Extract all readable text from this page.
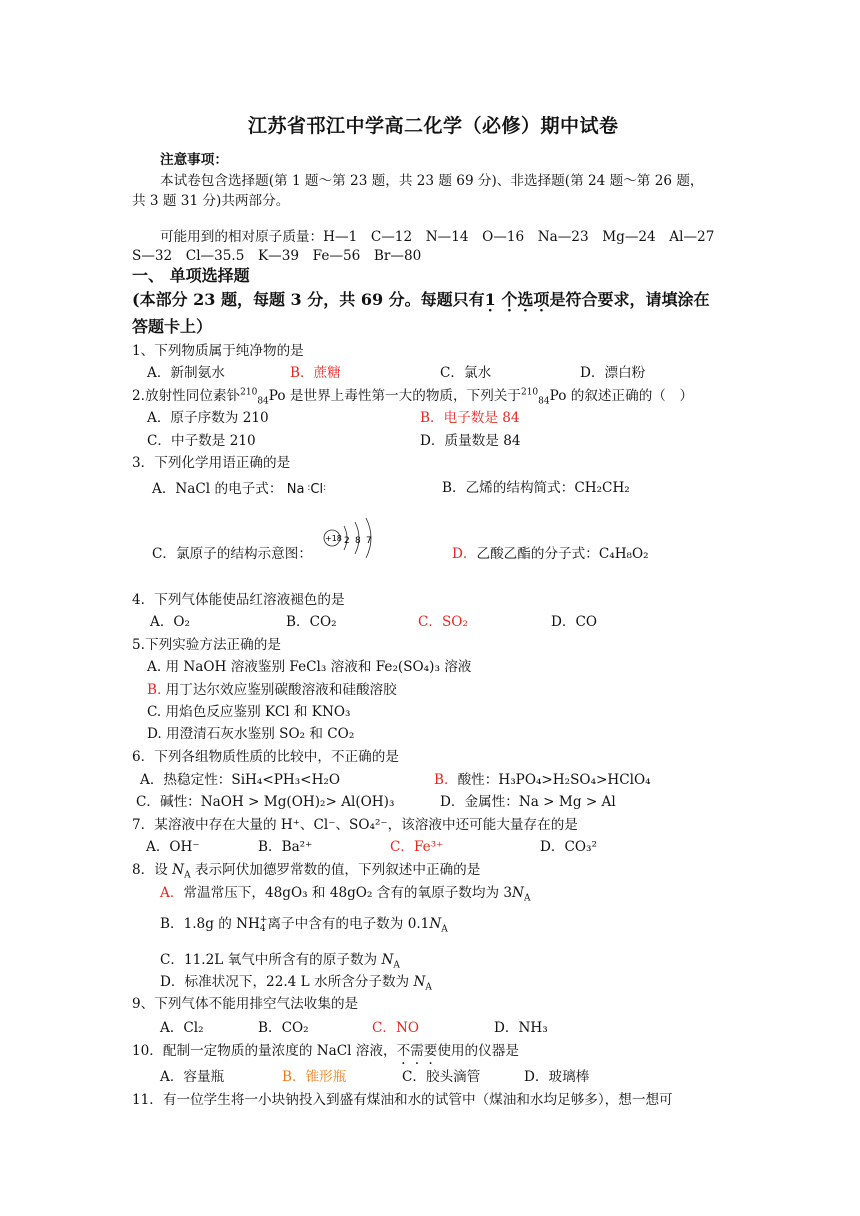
江苏省邗江中学高二化学（必修）期中试卷
注意事项：
本试卷包含选择题(第 1 题～第 23 题，共 23 题 69 分)、非选择题(第 24 题～第 26 题，
共 3 题 31 分)共两部分。
可能用到的相对原子质量：H—1　C—12　N—14　O—16　Na—23　Mg—24　Al—27
S—32　Cl—35.5　K—39　Fe—56　Br—80
一、 单项选择题
(本部分 23 题，每题 3 分，共 69 分。每题只有1 · 个选项是符合要求，请填涂在
答题卡上）
1、下列物质属于纯净物的是
A．新制氨水	B．蔗糖	C．氯水	D．漂白粉
2.放射性同位素钋$^{210}_{84}$Po 是世界上毒性第一大的物质，下列关于$^{210}_{84}$Po 的叙述正确的（　）
A．原子序数为 210	B．电子数是 84
C．中子数是 210	D．质量数是 84
3．下列化学用语正确的是
A．NaCl 的电子式： Na :Cl:	B．乙烯的结构简式：CH₂CH₂
C．氯原子的结构示意图：
+18 2 8 7
D．乙酸乙酯的分子式：C₄H₈O₂
4．下列气体能使品红溶液褪色的是
A．O₂	B．CO₂	C．SO₂	D．CO
5.下列实验方法正确的是
A. 用 NaOH 溶液鉴别 FeCl₃ 溶液和 Fe₂(SO₄)₃ 溶液
B. 用丁达尔效应鉴别碳酸溶液和硅酸溶胶
C. 用焰色反应鉴别 KCl 和 KNO₃
D. 用澄清石灰水鉴别 SO₂ 和 CO₂
6．下列各组物质性质的比较中，不正确的是
A．热稳定性：SiH₄<PH₃<H₂O	B．酸性：H₃PO₄>H₂SO₄>HClO₄
C．碱性：NaOH > Mg(OH)₂> Al(OH)₃	D．金属性：Na > Mg > Al
7．某溶液中存在大量的 H⁺、Cl⁻、SO₄²⁻，该溶液中还可能大量存在的是
A．OH⁻	B．Ba²⁺	C．Fe³⁺	D．CO₃²
8．设 $N_A$ 表示阿伏加德罗常数的值，下列叙述中正确的是
A．常温常压下，48gO₃ 和 48gO₂ 含有的氧原子数均为 $3N_A$
B．1.8g 的 NH+
4 离子中含有的电子数为 $0.1N_A$
C．11.2L 氧气中所含有的原子数为 $N_A$
D．标准状况下，22.4 L 水所含分子数为 $N_A$
9、下列气体不能用排空气法收集的是
A．Cl₂	B．CO₂	C．NO	D．NH₃
10．配制一定物质的量浓度的 NaCl 溶液，不需要使用的仪器是
A．容量瓶	B．锥形瓶	C．胶头滴管	D．玻璃棒
11．有一位学生将一小块钠投入到盛有煤油和水的试管中（煤油和水均足够多），想一想可
